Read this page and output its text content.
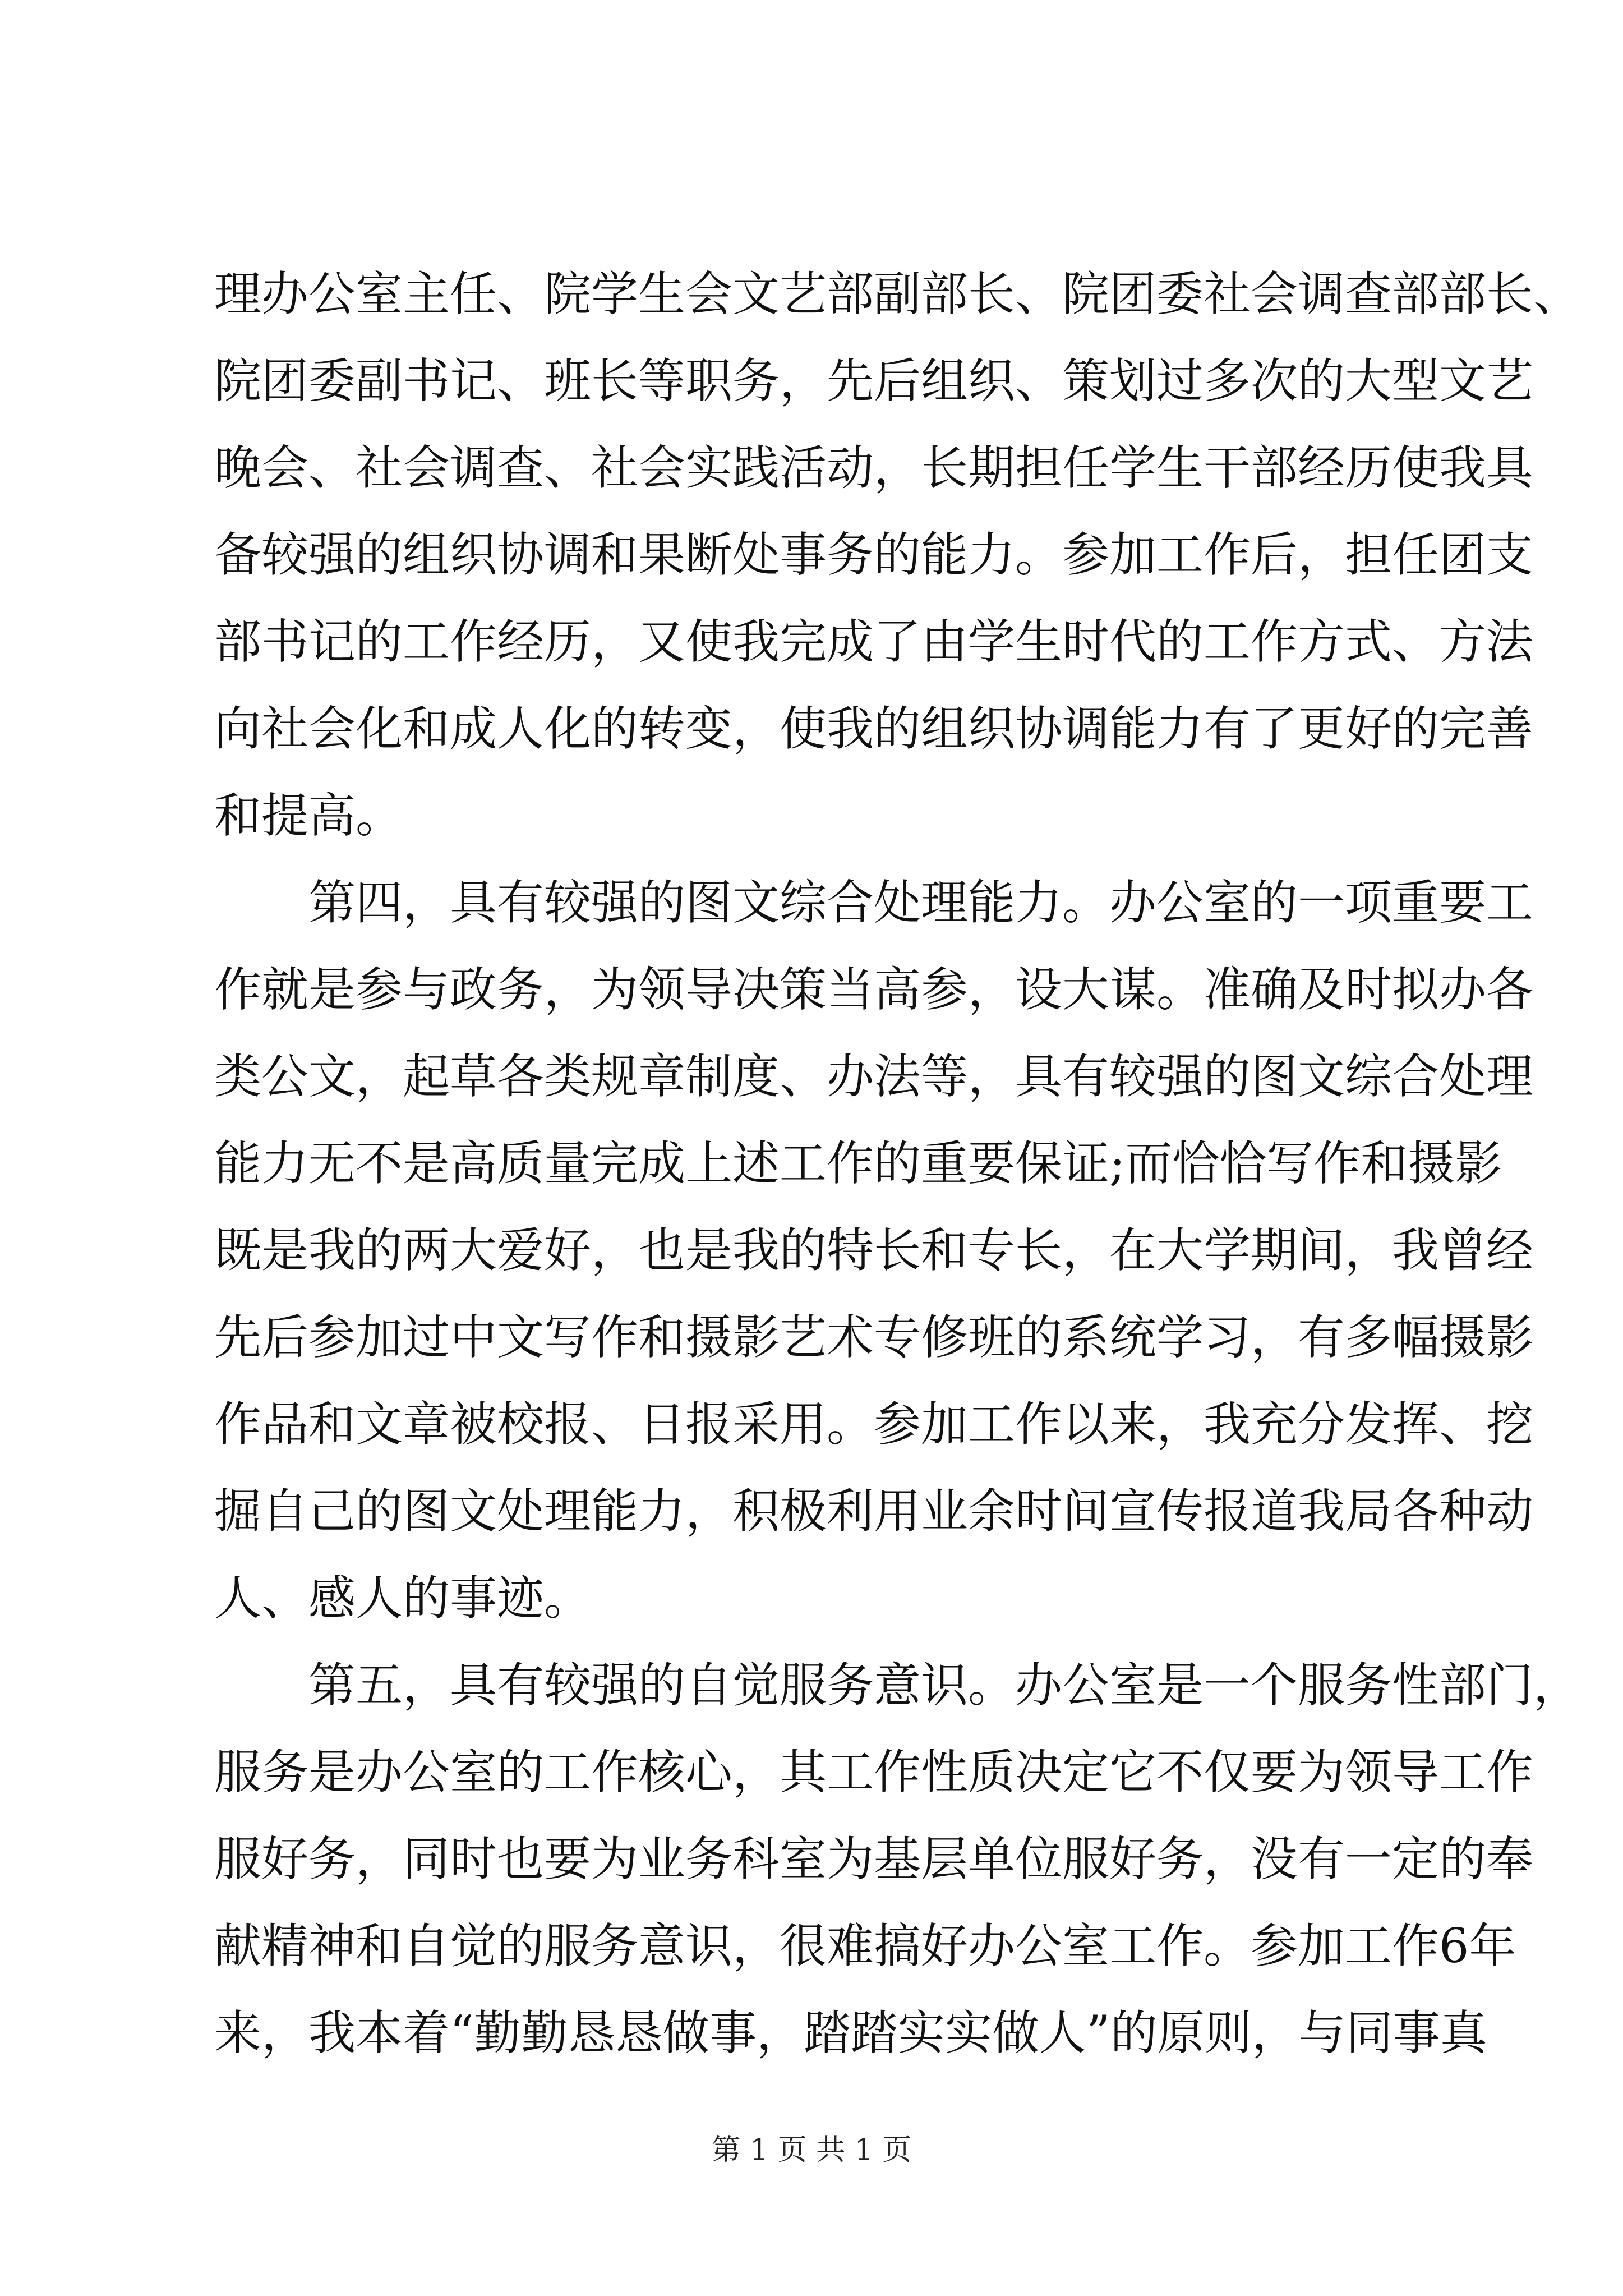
理办公室主任、院学生会文艺部副部长、院团委社会调查部部长、
院团委副书记、班长等职务，先后组织、策划过多次的大型文艺
晚会、社会调查、社会实践活动，长期担任学生干部经历使我具
备较强的组织协调和果断处事务的能力。参加工作后，担任团支
部书记的工作经历，又使我完成了由学生时代的工作方式、方法
向社会化和成人化的转变，使我的组织协调能力有了更好的完善
和提高。
第四，具有较强的图文综合处理能力。办公室的一项重要工
作就是参与政务，为领导决策当高参，设大谋。准确及时拟办各
类公文，起草各类规章制度、办法等，具有较强的图文综合处理
能力无不是高质量完成上述工作的重要保证;而恰恰写作和摄影
既是我的两大爱好，也是我的特长和专长，在大学期间，我曾经
先后参加过中文写作和摄影艺术专修班的系统学习，有多幅摄影
作品和文章被校报、日报采用。参加工作以来，我充分发挥、挖
掘自己的图文处理能力，积极利用业余时间宣传报道我局各种动
人、感人的事迹。
第五，具有较强的自觉服务意识。办公室是一个服务性部门，
服务是办公室的工作核心，其工作性质决定它不仅要为领导工作
服好务，同时也要为业务科室为基层单位服好务，没有一定的奉
献精神和自觉的服务意识，很难搞好办公室工作。参加工作6年
来，我本着“勤勤恳恳做事，踏踏实实做人”的原则，与同事真
第 1 页 共 1 页
